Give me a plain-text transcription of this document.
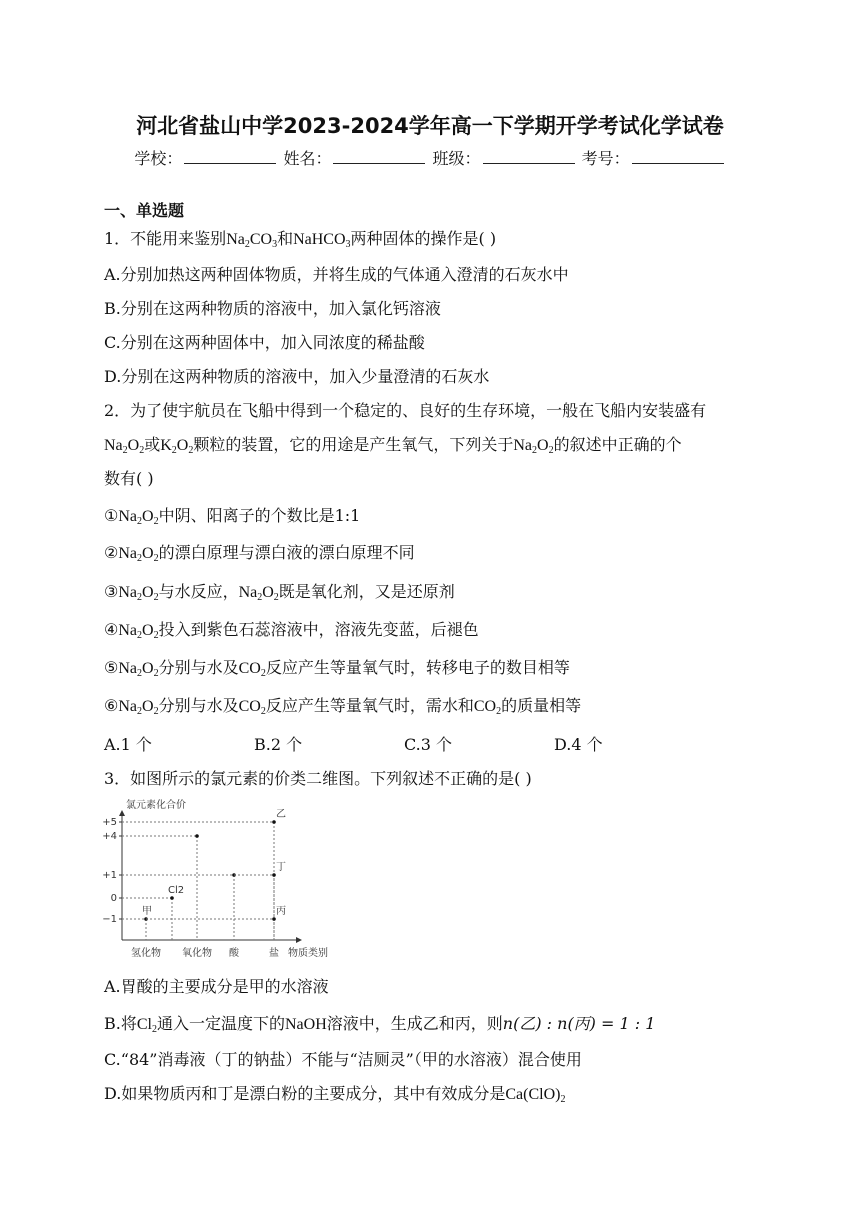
河北省盐山中学2023-2024学年高一下学期开学考试化学试卷
学校：	姓名：	班级：	考号：
一、单选题
1．不能用来鉴别$Na_2CO_3$和NaHCO$_3$两种固体的操作是( )
A.分别加热这两种固体物质，并将生成的气体通入澄清的石灰水中
B.分别在这两种物质的溶液中，加入氯化钙溶液
C.分别在这两种固体中，加入同浓度的稀盐酸
D.分别在这两种物质的溶液中，加入少量澄清的石灰水
2．为了使宇航员在飞船中得到一个稳定的、良好的生存环境，一般在飞船内安装盛有
$Na_2O_2$或$K_2O_2$颗粒的装置，它的用途是产生氧气，下列关于$Na_2O_2$的叙述中正确的个
数有( )
$①Na_2O_2$中阴、阳离子的个数比是1:1
$②Na_2O_2$的漂白原理与漂白液的漂白原理不同
$③Na_2O_2$与水反应，$Na_2O_2$既是氧化剂，又是还原剂
$④Na_2O_2$投入到紫色石蕊溶液中，溶液先变蓝，后褪色
$⑤Na_2O_2$分别与水及$CO_2$反应产生等量氧气时，转移电子的数目相等
$⑥Na_2O_2$分别与水及$CO_2$反应产生等量氧气时，需水和$CO_2$的质量相等
A.1 个	B.2 个	C.3 个	D.4 个
3．如图所示的氯元素的价类二维图。下列叙述不正确的是( )
氯元素化合价
+5
+4
+1
0
−1
氢化物 氧化物 酸	盐 物质类别
甲
Cl2
乙
丁
丙
A.胃酸的主要成分是甲的水溶液
B.将$Cl_2$通入一定温度下的NaOH溶液中，生成乙和丙，则n(乙) : n(丙) = 1 : 1
C.“84”消毒液（丁的钠盐）不能与“洁厕灵”（甲的水溶液）混合使用
D.如果物质丙和丁是漂白粉的主要成分，其中有效成分是$Ca(ClO)_2$
